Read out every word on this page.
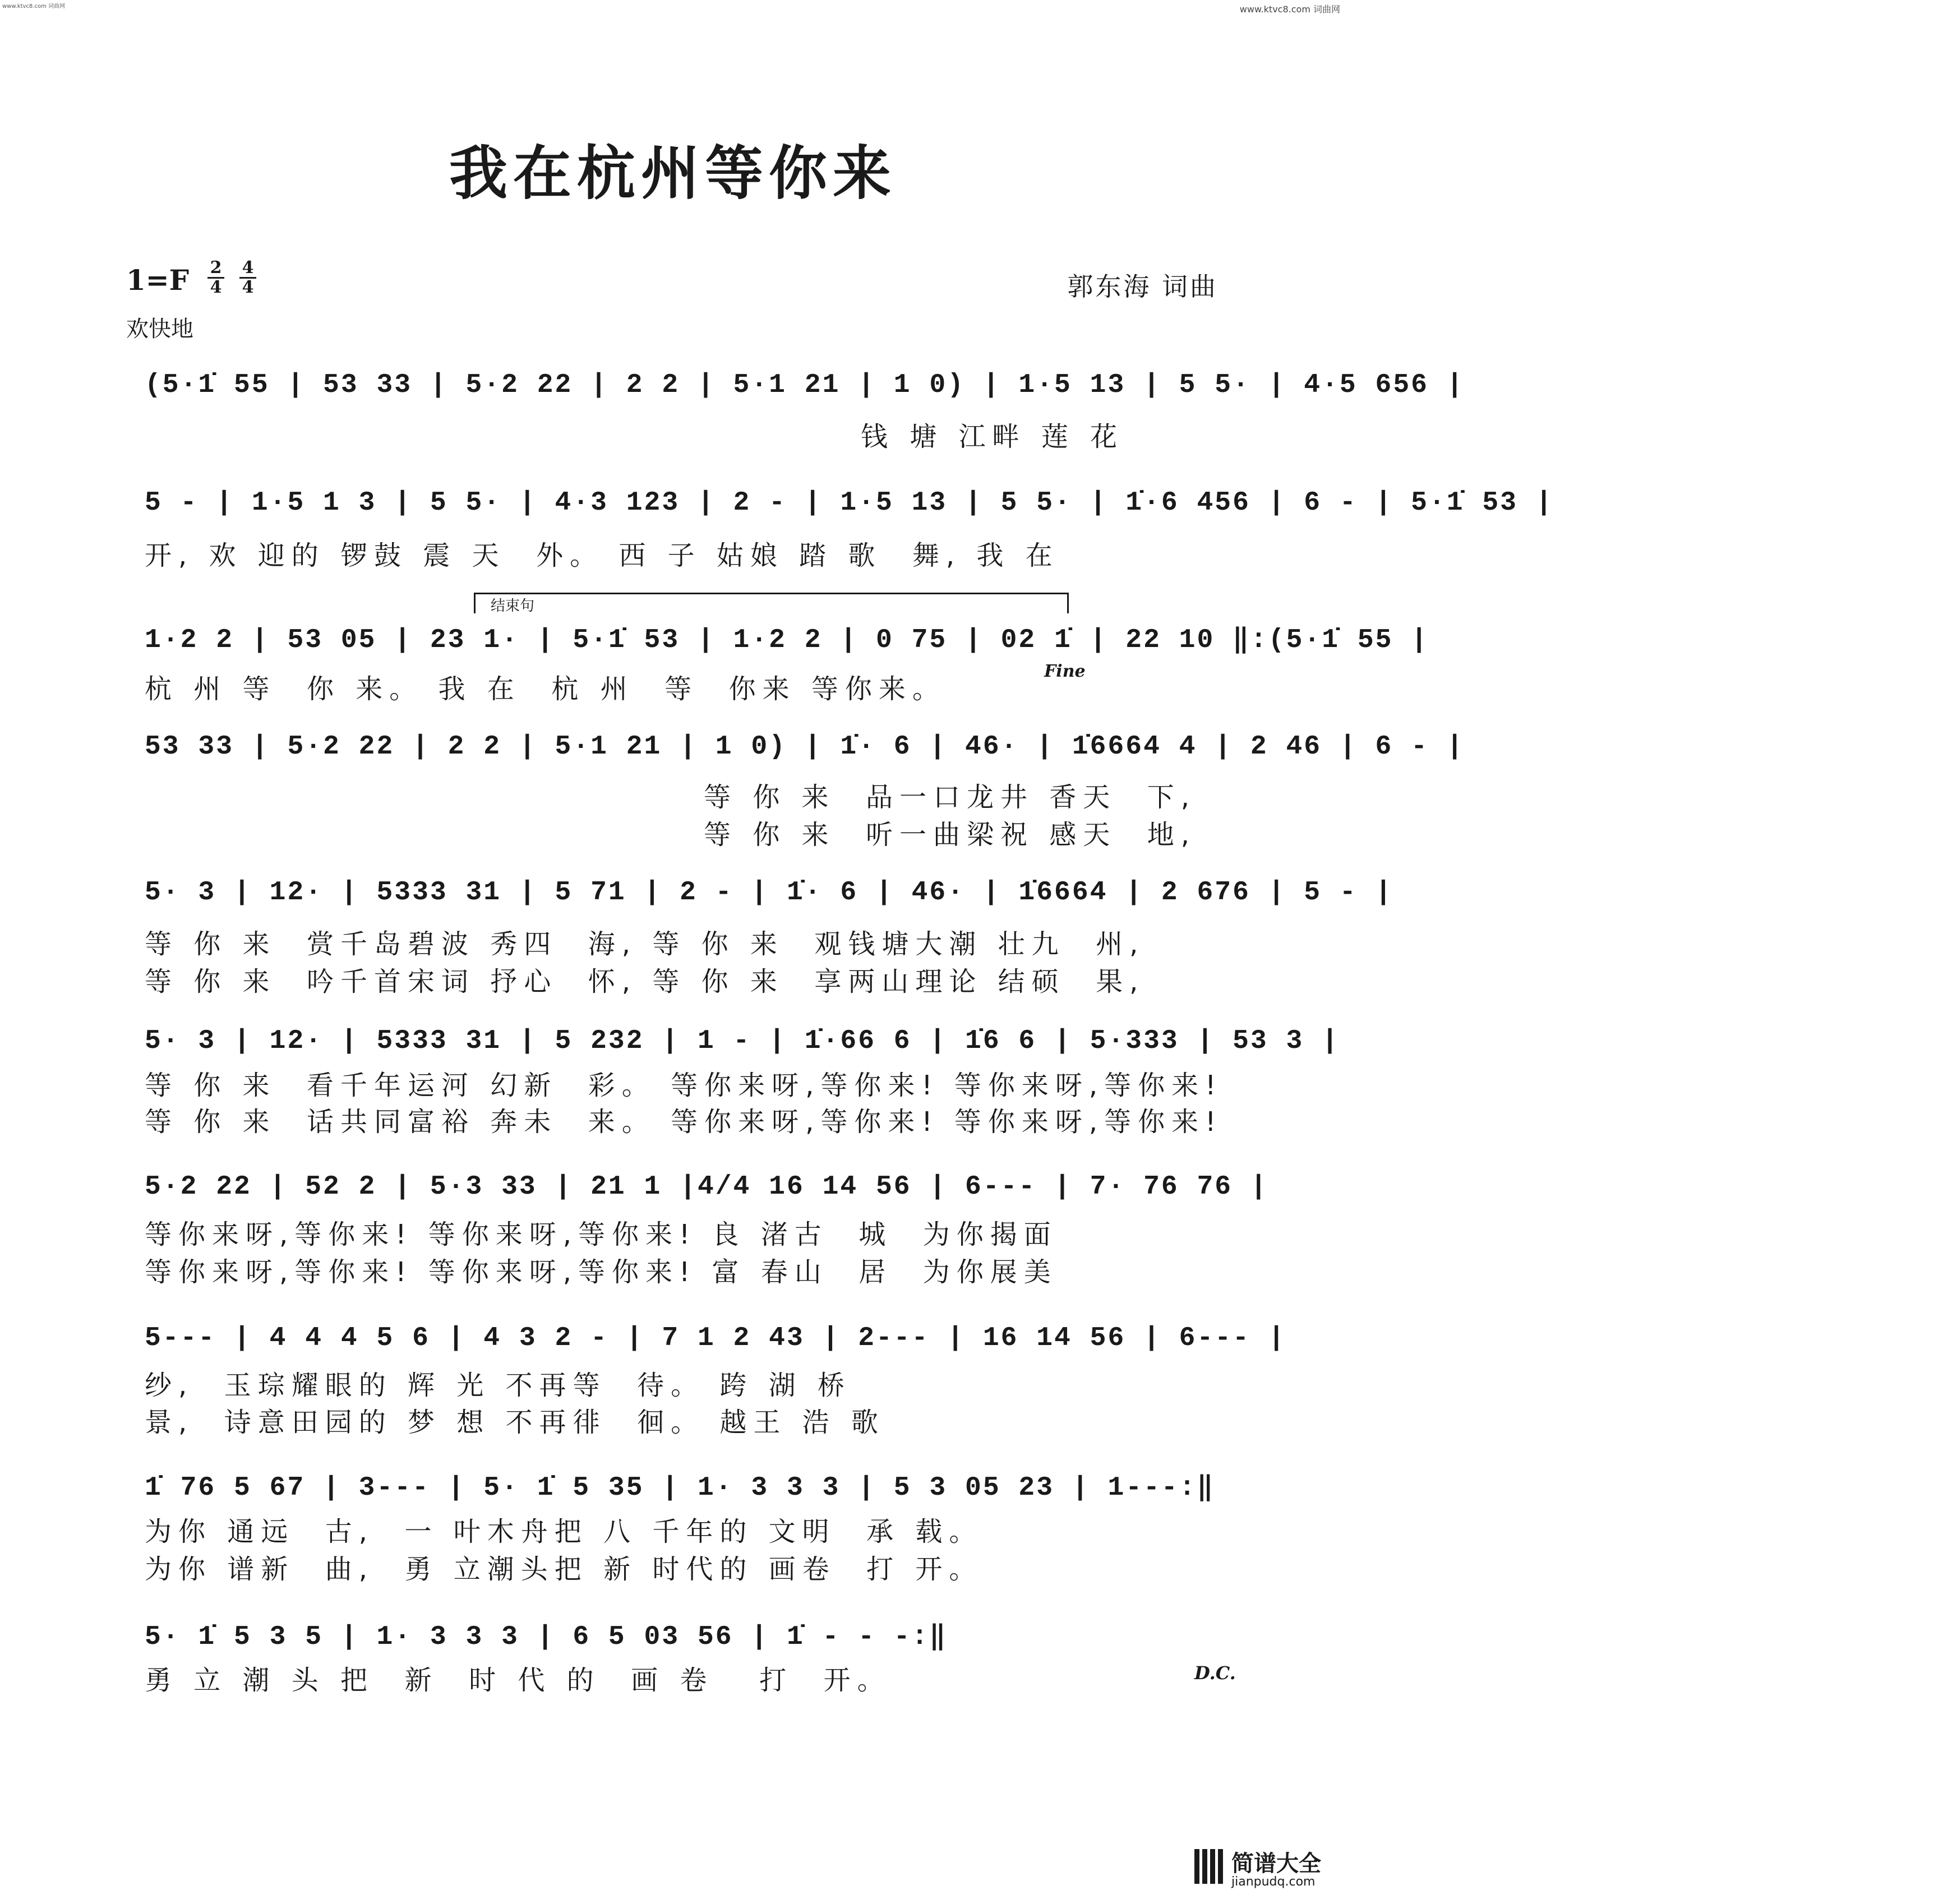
www.ktvc8.com 词曲网	www.ktvc8.com 词曲网
我在杭州等你来
1=F	2
4
4
4
欢快地
郭东海 词曲
(5·1̇ 55 | 53 33 | 5·2 22 | 2 2 | 5·1 21 | 1 0) | 1·5 13 | 5 5· | 4·5 656 |
钱 塘 江畔 莲 花
5 - | 1·5 1 3 | 5 5· | 4·3 123 | 2 - | 1·5 13 | 5 5· | 1̇·6 456 | 6 - | 5·1̇ 53 |
开, 欢 迎的 锣鼓 震 天  外。 西 子 姑娘 踏 歌  舞, 我 在
结束句
1·2 2 | 53 05 | 23 1· | 5·1̇ 53 | 1·2 2 | 0 75 | 02 1̇ | 22 10 ‖:(5·1̇ 55 |
杭 州 等  你 来。 我 在  杭 州  等  你来 等你来。
Fine
53 33 | 5·2 22 | 2 2 | 5·1 21 | 1 0) | 1̇· 6 | 46· | 1̇6664 4 | 2 46 | 6 - |
等 你 来  品一口龙井 香天  下,
等 你 来  听一曲梁祝 感天  地,
5· 3 | 12· | 5333 31 | 5 71 | 2 - | 1̇· 6 | 46· | 1̇6664 | 2 676 | 5 - |
等 你 来  赏千岛碧波 秀四  海, 等 你 来  观钱塘大潮 壮九  州,
等 你 来  吟千首宋词 抒心  怀, 等 你 来  享两山理论 结硕  果,
5· 3 | 12· | 5333 31 | 5 232 | 1 - | 1̇·66 6 | 1̇6 6 | 5·333 | 53 3 |
等 你 来  看千年运河 幻新  彩。 等你来呀,等你来! 等你来呀,等你来!
等 你 来  话共同富裕 奔未  来。 等你来呀,等你来! 等你来呀,等你来!
5·2 22 | 52 2 | 5·3 33 | 21 1 |4/4 16 14 56 | 6--- | 7· 76 76 |
等你来呀,等你来! 等你来呀,等你来! 良 渚古  城  为你揭面
等你来呀,等你来! 等你来呀,等你来! 富 春山  居  为你展美
5--- | 4 4 4 5 6 | 4 3 2 - | 7 1 2 43 | 2--- | 16 14 56 | 6--- |
纱,  玉琮耀眼的 辉 光 不再等  待。 跨 湖 桥
景,  诗意田园的 梦 想 不再徘  徊。 越王 浩 歌
1̇ 76 5 67 | 3--- | 5· 1̇ 5 35 | 1· 3 3 3 | 5 3 05 23 | 1---:‖
为你 通远  古,  一 叶木舟把 八 千年的 文明  承 载。
为你 谱新  曲,  勇 立潮头把 新 时代的 画卷  打 开。
5· 1̇ 5 3 5 | 1· 3 3 3 | 6 5 03 56 | 1̇ - - -:‖
勇 立 潮 头 把  新  时 代 的  画 卷   打  开。	D.C.
简谱大全
jianpudq.com
